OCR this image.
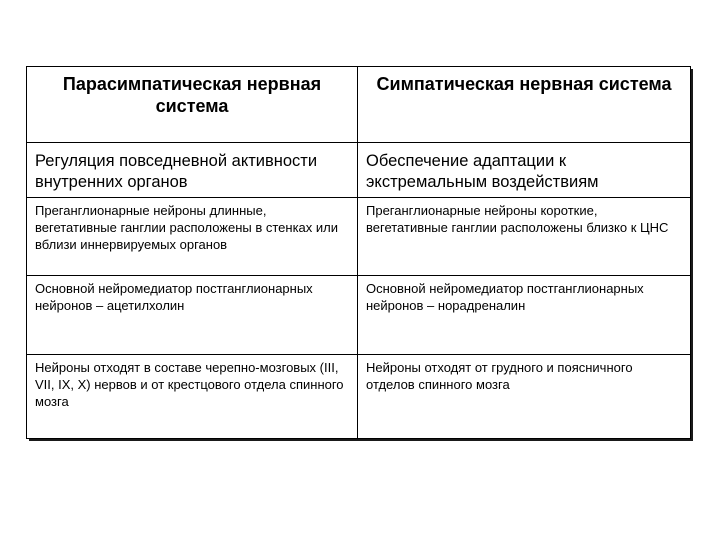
Парасимпатическая нервная система	Симпатическая нервная система
Регуляция повседневной активности внутренних органов	Обеспечение адаптации к экстремальным воздействиям
Преганглионарные нейроны длинные, вегетативные ганглии расположены в стенках или вблизи иннервируемых органов	Преганглионарные нейроны короткие, вегетативные ганглии расположены близко к ЦНС
Основной нейромедиатор постганглионарных нейронов – ацетилхолин	Основной нейромедиатор постганглионарных нейронов – норадреналин
Нейроны отходят в составе черепно-мозговых (III, VII, IX, X) нервов и от крестцового отдела спинного мозга	Нейроны отходят от грудного и поясничного отделов спинного мозга
